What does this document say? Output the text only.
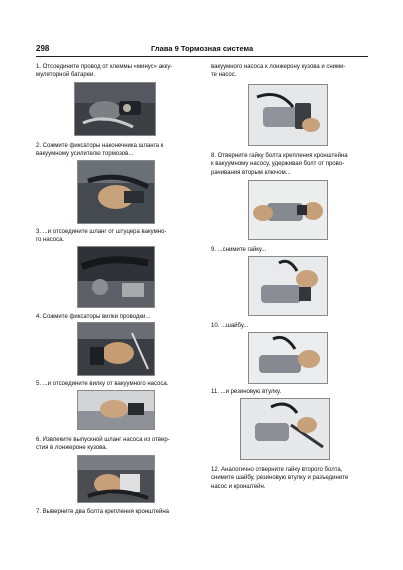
298	Глава 9 Тормозная система
1. Отсоедините провод от клеммы «минус» акку-
муляторной батареи.
2. Сожмите фиксаторы наконечника шланга к
вакуумному усилителю тормозов...
3. ...и отсоедините шланг от штуцера вакумно-
го насоса.
4. Сожмите фиксаторы вилки проводки...
5. ...и отсоедините вилку от вакуумного насоса.
6. Извлеките выпускной шланг насоса из отвер-
стия в лонжероне кузова.
7. Выверните два болта крепления кронштейна
вакуумного насоса к лонжерону кузова и сними-
те насос.
8. Отверните гайку болта крепления кронштейна
к вакуумному насосу, удерживая болт от прово-
рачивания вторым ключом...
9. ...снимите гайку...
10. ...шайбу...
11. ...и резиновую втулку.
12. Аналогично отверните гайку второго болта,
снимите шайбу, резиновую втулку и разъедините
насос и кронштейн.
